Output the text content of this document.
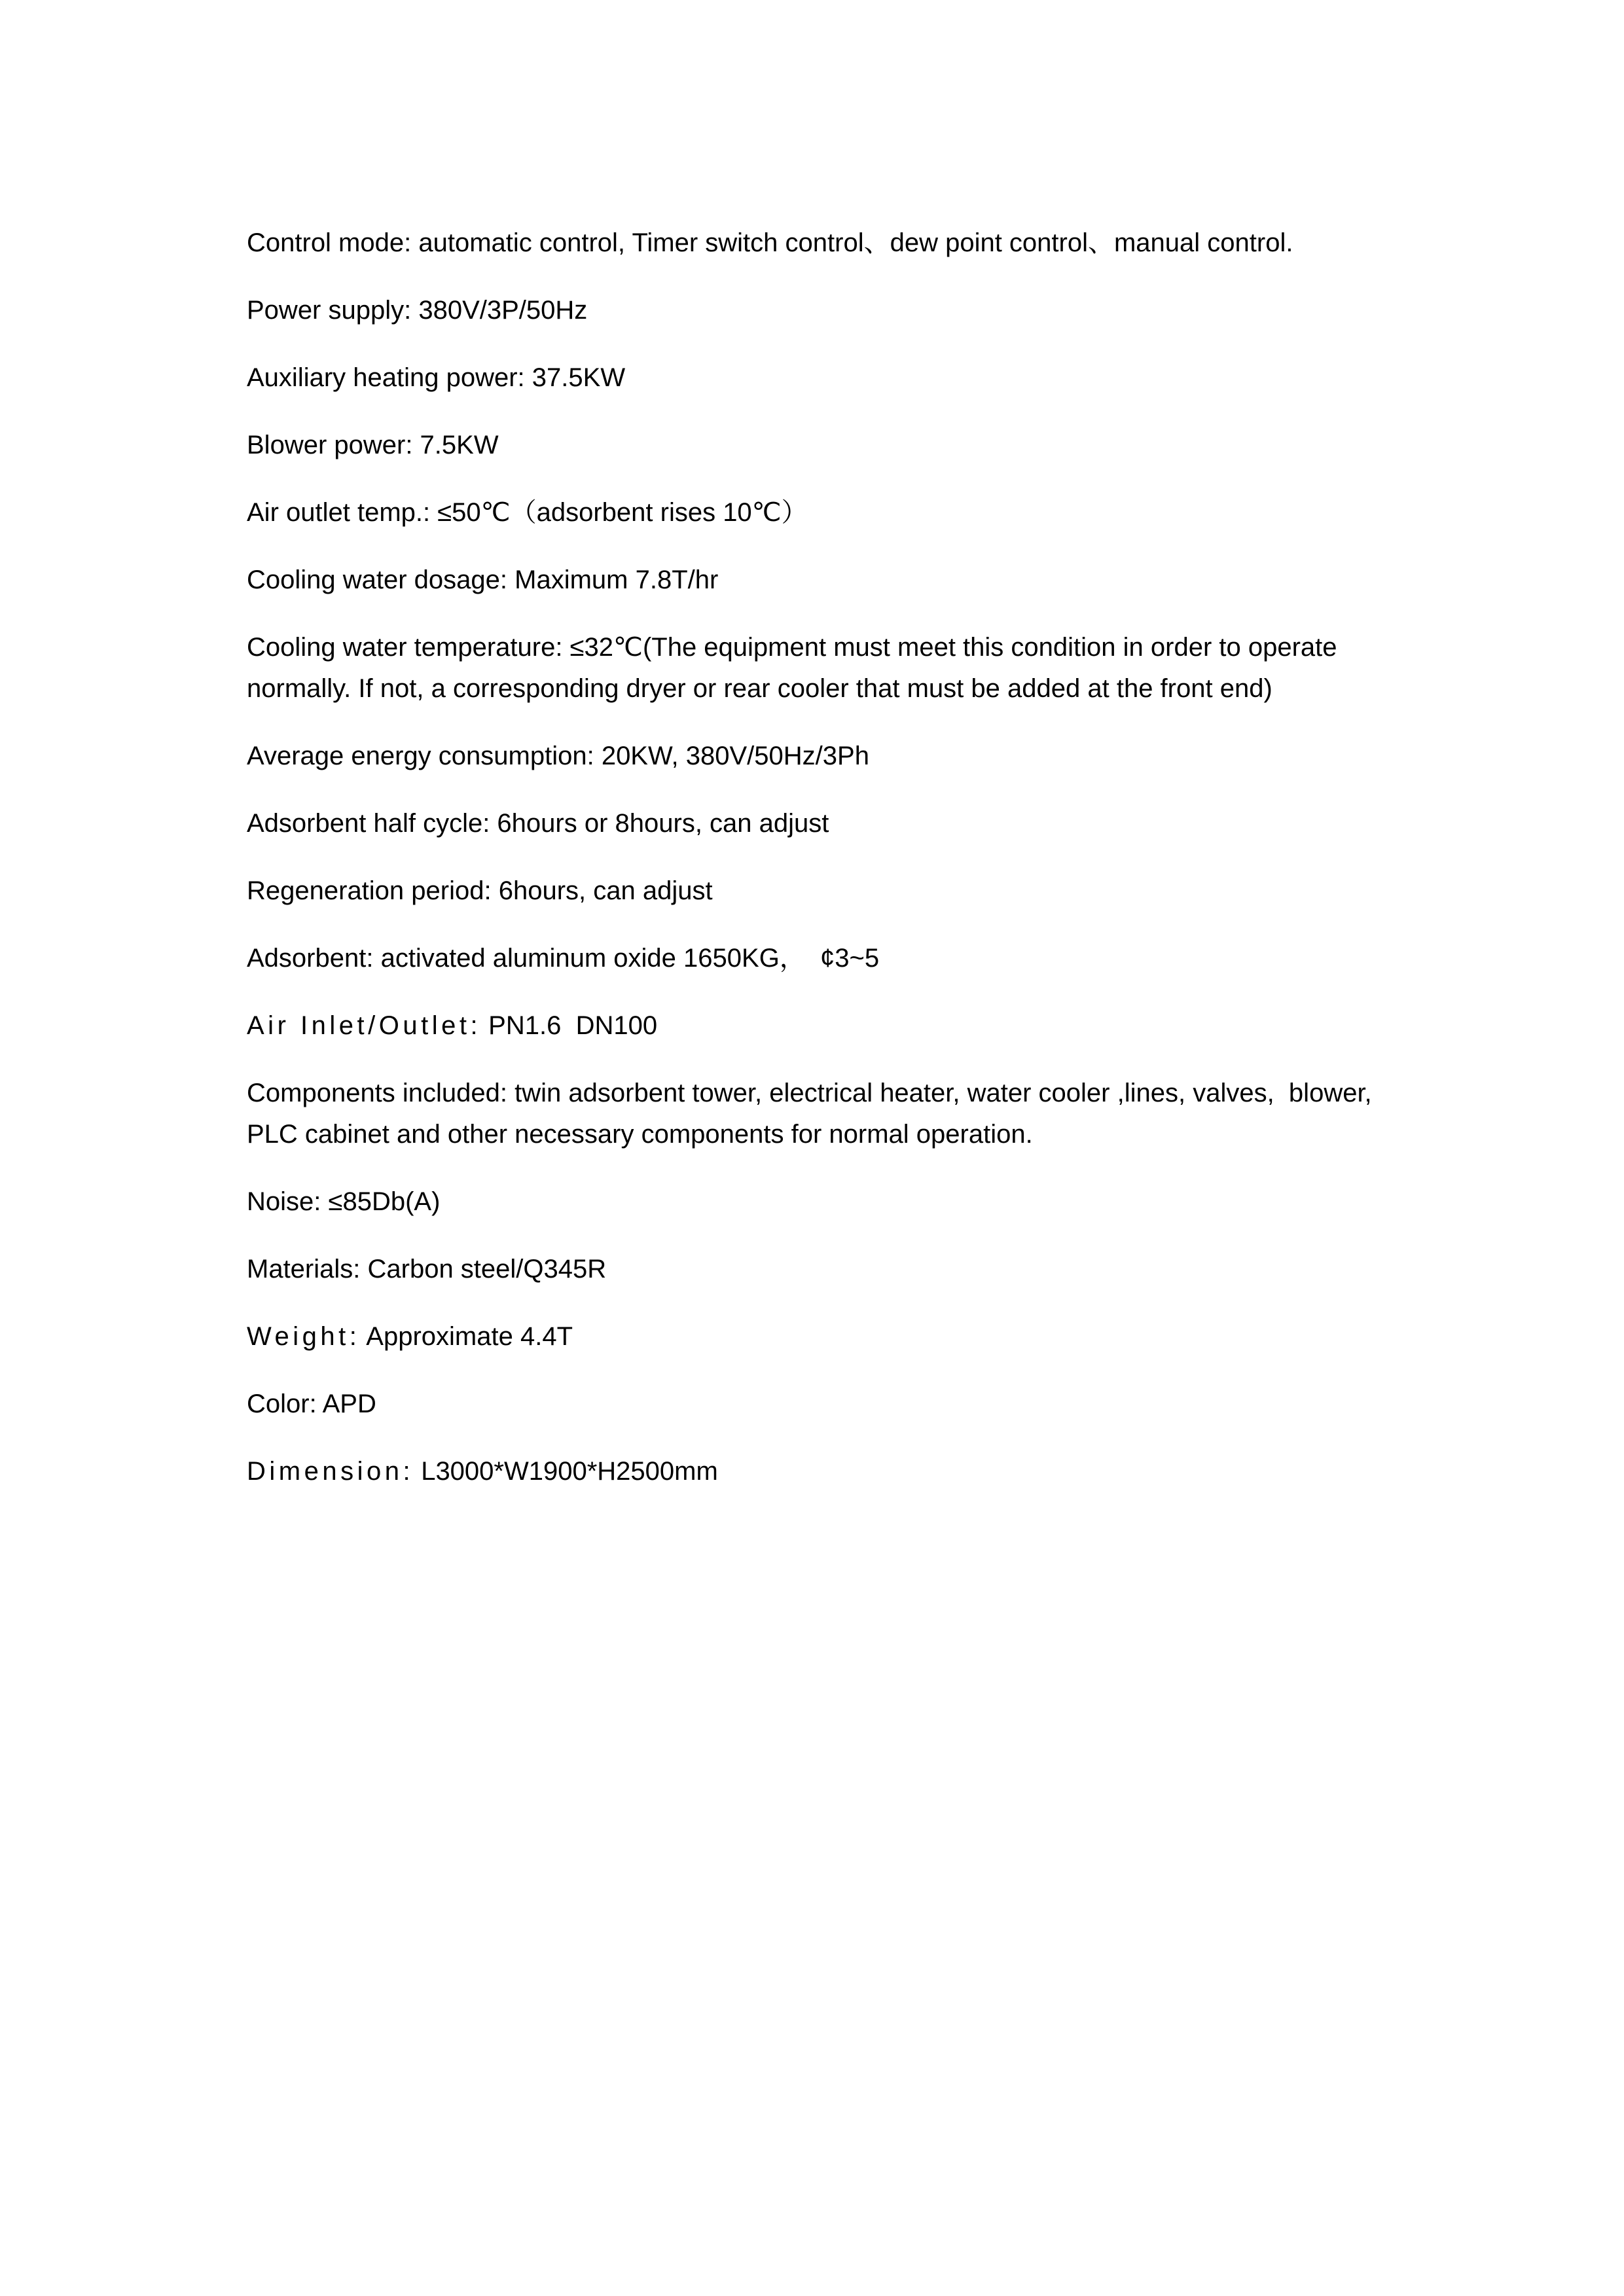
Control mode: automatic control, Timer switch control、dew point control、manual control.

Power supply: 380V/3P/50Hz

Auxiliary heating power: 37.5KW

Blower power: 7.5KW

Air outlet temp.: ≤50℃（adsorbent rises 10℃）

Cooling water dosage: Maximum 7.8T/hr

Cooling water temperature: ≤32℃(The equipment must meet this condition in order to operate normally. If not, a corresponding dryer or rear cooler that must be added at the front end)

Average energy consumption: 20KW, 380V/50Hz/3Ph

Adsorbent half cycle: 6hours or 8hours, can adjust

Regeneration period: 6hours, can adjust

Adsorbent: activated aluminum oxide 1650KG，  ¢3~5

Air Inlet/Outlet: PN1.6  DN100

Components included: twin adsorbent tower, electrical heater, water cooler ,lines, valves,  blower, PLC cabinet and other necessary components for normal operation.

Noise: ≤85Db(A)

Materials: Carbon steel/Q345R

Weight: Approximate 4.4T

Color: APD

Dimension: L3000*W1900*H2500mm
